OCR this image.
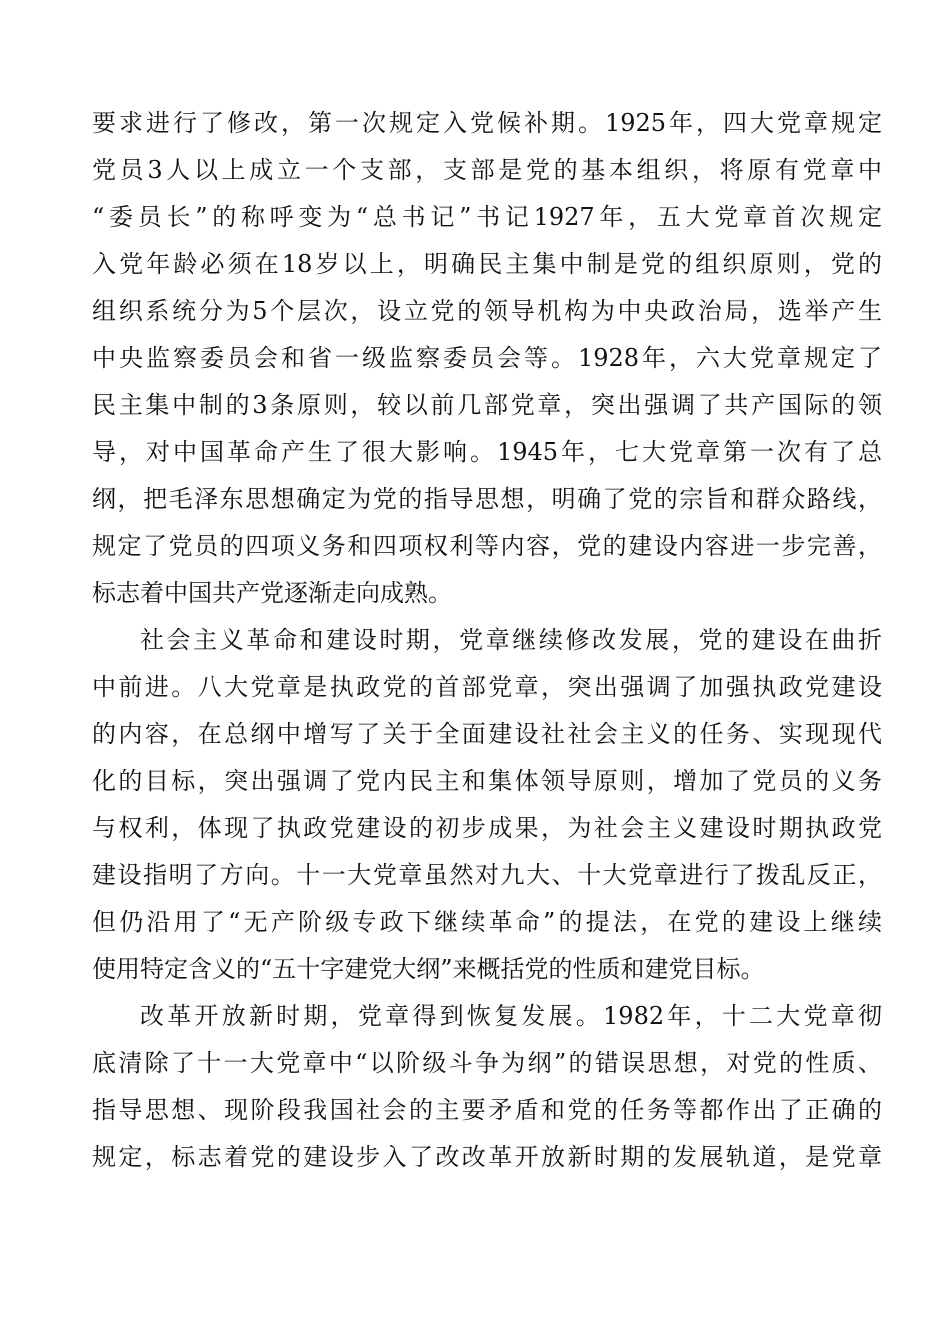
要求进行了修改，第一次规定入党候补期。1925年，四大党章规定
党员3人以上成立一个支部，支部是党的基本组织，将原有党章中
“委员长”的称呼变为“总书记”书记1927年，五大党章首次规定
入党年龄必须在18岁以上，明确民主集中制是党的组织原则，党的
组织系统分为5个层次，设立党的领导机构为中央政治局，选举产生
中央监察委员会和省一级监察委员会等。1928年，六大党章规定了
民主集中制的3条原则，较以前几部党章，突出强调了共产国际的领
导，对中国革命产生了很大影响。1945年，七大党章第一次有了总
纲，把毛泽东思想确定为党的指导思想，明确了党的宗旨和群众路线，
规定了党员的四项义务和四项权利等内容，党的建设内容进一步完善，
标志着中国共产党逐渐走向成熟。
社会主义革命和建设时期，党章继续修改发展，党的建设在曲折
中前进。八大党章是执政党的首部党章，突出强调了加强执政党建设
的内容，在总纲中增写了关于全面建设社社会主义的任务、实现现代
化的目标，突出强调了党内民主和集体领导原则，增加了党员的义务
与权利，体现了执政党建设的初步成果，为社会主义建设时期执政党
建设指明了方向。十一大党章虽然对九大、十大党章进行了拨乱反正，
但仍沿用了“无产阶级专政下继续革命”的提法，在党的建设上继续
使用特定含义的“五十字建党大纲”来概括党的性质和建党目标。
改革开放新时期，党章得到恢复发展。1982年，十二大党章彻
底清除了十一大党章中“以阶级斗争为纲”的错误思想，对党的性质、
指导思想、现阶段我国社会的主要矛盾和党的任务等都作出了正确的
规定，标志着党的建设步入了改改革开放新时期的发展轨道，是党章
